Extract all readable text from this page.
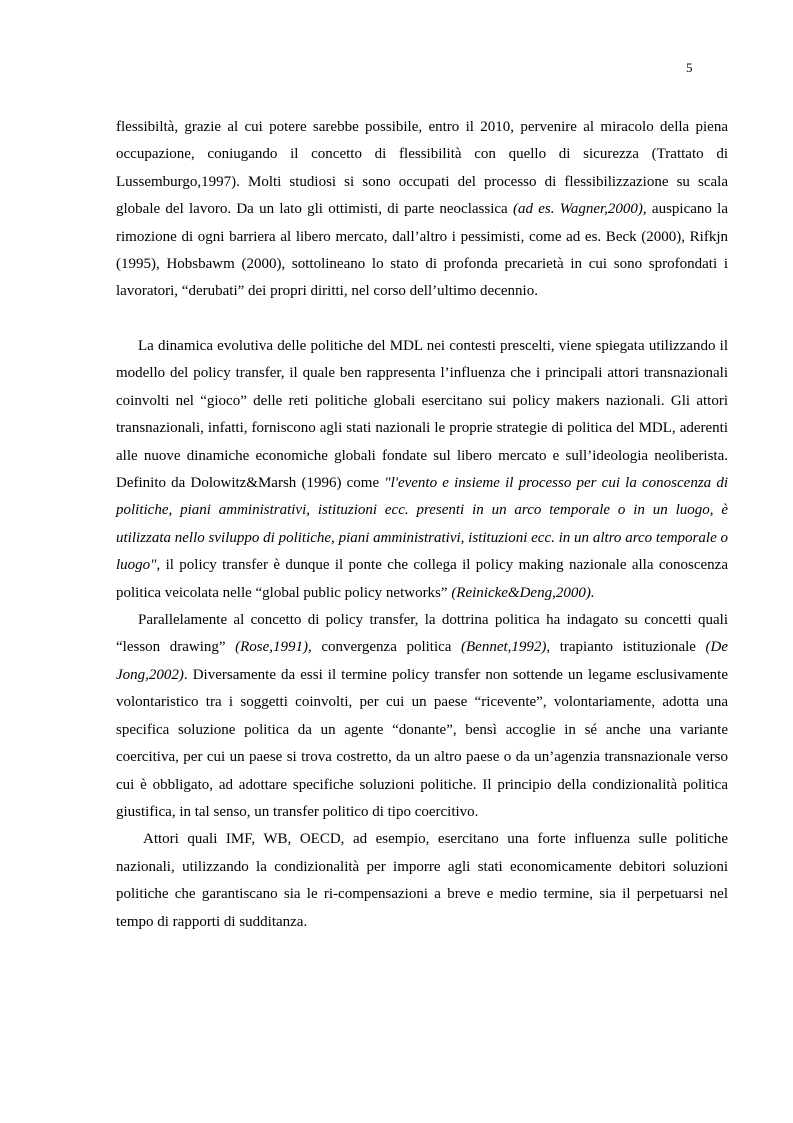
5

flessibiltà, grazie al cui potere sarebbe possibile, entro il 2010, pervenire al miracolo della piena occupazione, coniugando il concetto di flessibilità con quello di sicurezza (Trattato di Lussemburgo,1997). Molti studiosi si sono occupati del processo di flessibilizzazione su scala globale del lavoro. Da un lato gli ottimisti, di parte neoclassica (ad es. Wagner,2000), auspicano la rimozione di ogni barriera al libero mercato, dall’altro i pessimisti, come ad es. Beck (2000), Rifkjn (1995), Hobsbawm (2000), sottolineano lo stato di profonda precarietà in cui sono sprofondati i lavoratori, “derubati” dei propri diritti, nel corso dell’ultimo decennio.

La dinamica evolutiva delle politiche del MDL nei contesti prescelti, viene spiegata utilizzando il modello del policy transfer, il quale ben rappresenta l’influenza che i principali attori transnazionali coinvolti nel “gioco” delle reti politiche globali esercitano sui policy makers nazionali. Gli attori transnazionali, infatti, forniscono agli stati nazionali le proprie strategie di politica del MDL, aderenti alle nuove dinamiche economiche globali fondate sul libero mercato e sull’ideologia neoliberista. Definito da Dolowitz&Marsh (1996) come "l'evento e insieme il processo per cui la conoscenza di politiche, piani amministrativi, istituzioni ecc. presenti in un arco temporale o in un luogo, è utilizzata nello sviluppo di politiche, piani amministrativi, istituzioni ecc. in un altro arco temporale o luogo", il policy transfer è dunque il ponte che collega il policy making nazionale alla conoscenza politica veicolata nelle “global public policy networks” (Reinicke&Deng,2000).

Parallelamente al concetto di policy transfer, la dottrina politica ha indagato su concetti quali “lesson drawing” (Rose,1991), convergenza politica (Bennet,1992), trapianto istituzionale (De Jong,2002). Diversamente da essi il termine policy transfer non sottende un legame esclusivamente volontaristico tra i soggetti coinvolti, per cui un paese “ricevente”, volontariamente, adotta una specifica soluzione politica da un agente “donante”, bensì accoglie in sé anche una variante coercitiva, per cui un paese si trova costretto, da un altro paese o da un’agenzia transnazionale verso cui è obbligato, ad adottare specifiche soluzioni politiche. Il principio della condizionalità politica giustifica, in tal senso, un transfer politico di tipo coercitivo.

Attori quali IMF, WB, OECD, ad esempio, esercitano una forte influenza sulle politiche nazionali, utilizzando la condizionalità per imporre agli stati economicamente debitori soluzioni politiche che garantiscano sia le ri-compensazioni a breve e medio termine, sia il perpetuarsi nel tempo di rapporti di sudditanza.
